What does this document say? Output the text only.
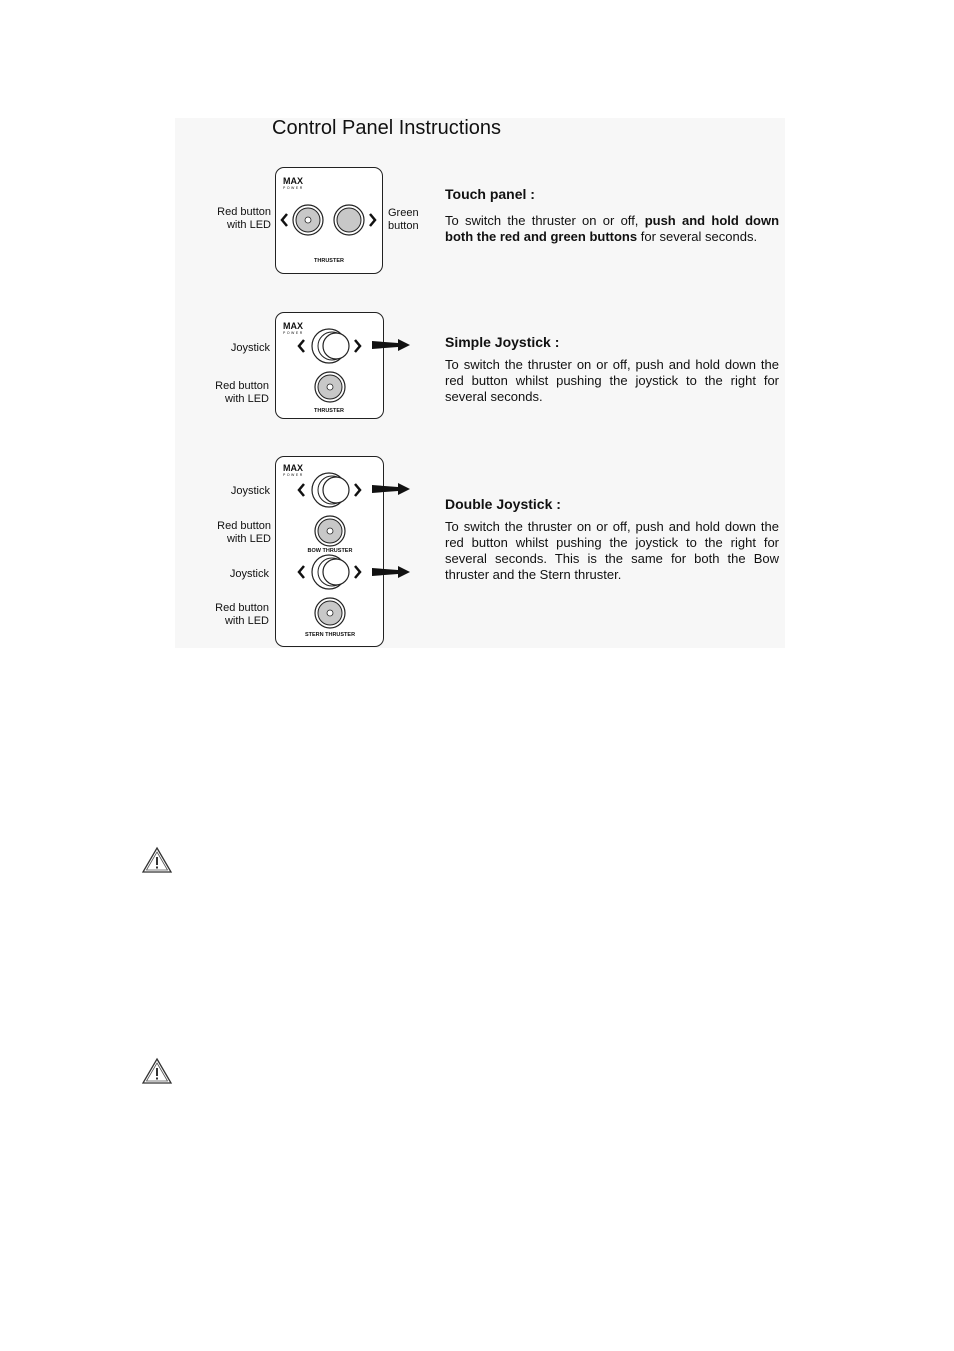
Control Panel Instructions
Red button
with LED
Green
button
MAX
POWER
THRUSTER
Touch panel :

To switch the thruster on or off, push and hold down both the red and green buttons for several seconds.

Joystick
Red button
with LED
MAX
POWER
THRUSTER
Simple Joystick :

To switch the thruster on or off, push and hold down the red button whilst pushing the joystick to the right for several seconds.

Joystick
Red button
with LED
Joystick
Red button
with LED
MAX
POWER
BOW THRUSTER
STERN THRUSTER
Double Joystick :

To switch the thruster on or off, push and hold down the red button whilst pushing the joystick to the right for several seconds. This is the same for both the Bow thruster and the Stern thruster.
